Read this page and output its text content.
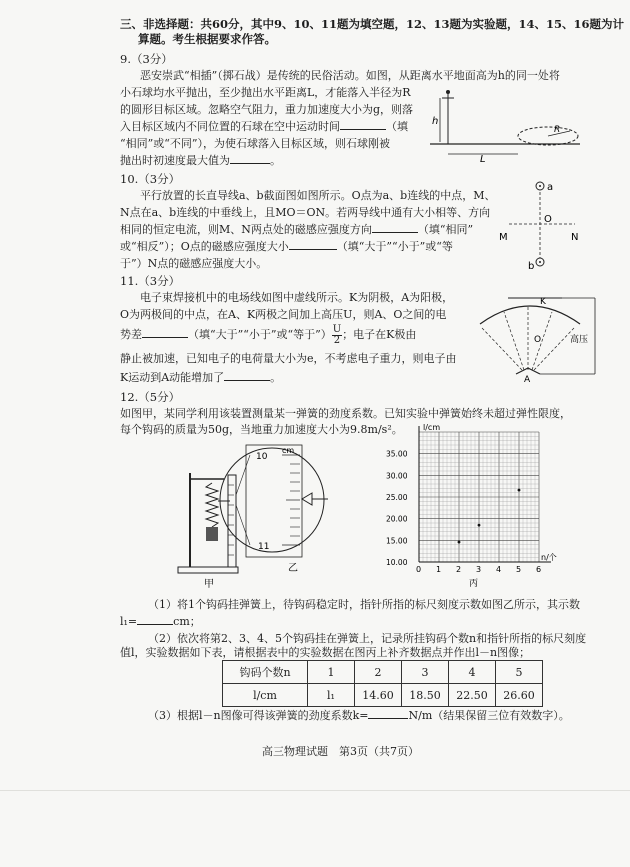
三、非选择题：共60分，其中9、10、11题为填空题，12、13题为实验题，14、15、16题为计
算题。考生根据要求作答。
9.（3分）
恶安崇武“相插”（掷石战）是传统的民俗活动。如图，从距离水平地面高为h的同一处将
小石球均水平抛出，至少抛出水平距离L，才能落入半径为R
的圆形目标区域。忽略空气阻力，重力加速度大小为g，则落
入目标区域内不同位置的石球在空中运动时间	（填
“相同”或“不同”），为使石球落入目标区域，则石球刚被
抛出时初速度最大值为	。
h
R
L
10.（3分）
平行放置的长直导线a、b截面图如图所示。O点为a、b连线的中点，M、
N点在a、b连线的中垂线上，且MO＝ON。若两导线中通有大小相等、方向
相同的恒定电流，则M、N两点处的磁感应强度方向	（填“相同”
或“相反”）；O点的磁感应强度大小	（填“大于”“小于”或“等
于”）N点的磁感应强度大小。
a
O
M	N
b
11.（3分）
电子束焊接机中的电场线如图中虚线所示。K为阴极，A为阳极，
O为两极间的中点，在A、K两极之间加上高压U，则A、O之间的电
势差	（填“大于”“小于”或“等于”） $\frac{U}{2}$ ；电子在K极由
静止被加速，已知电子的电荷量大小为e，不考虑电子重力，则电子由
K运动到A动能增加了	。
K
O
A
高压
12.（5分）
如图甲，某同学利用该装置测量某一弹簧的劲度系数。已知实验中弹簧始终未超过弹性限度，
每个钩码的质量为50g，当地重力加速度大小为9.8m/s²。
10
cm
11
乙
甲
0 1 2 3 4 5 6
10.00
15.00
20.00
25.00
30.00
35.00
l/cm
n/个
丙
（1）将1个钩码挂弹簧上，待钩码稳定时，指针所指的标尺刻度示数如图乙所示，其示数
l₁=	cm；
（2）依次将第2、3、4、5个钩码挂在弹簧上，记录所挂钩码个数n和指针所指的标尺刻度
值l，实验数据如下表，请根据表中的实验数据在图丙上补齐数据点并作出l－n图像；
钩码个数n	1	2	3	4	5
l/cm	l₁	14.60	18.50	22.50	26.60
（3）根据l－n图像可得该弹簧的劲度系数k=	N/m（结果保留三位有效数字）。
高三物理试题　第3页（共7页）
